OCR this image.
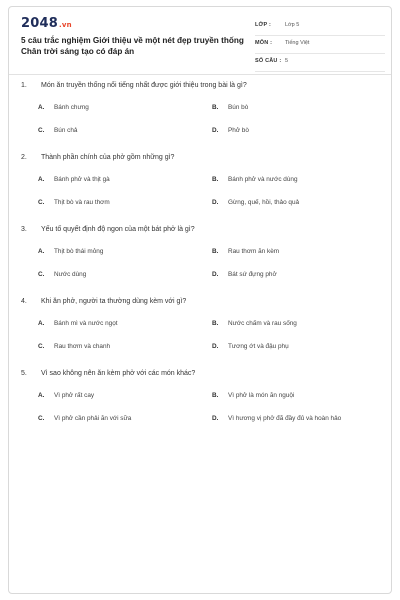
2048.vn
5 câu trắc nghiệm Giới thiệu về một nét đẹp truyền thống Chân trời sáng tạo có đáp án
LỚP :	Lớp 5
MÔN : Tiếng Việt
SỐ CÂU : 5
1. Món ăn truyền thống nổi tiếng nhất được giới thiệu trong bài là gì?
A. Bánh chưng	B. Bún bò
C. Bún chả	D. Phở bò
2. Thành phần chính của phở gồm những gì?
A. Bánh phở và thịt gà	B. Bánh phở và nước dùng
C. Thịt bò và rau thơm	D. Gừng, quế, hồi, thảo quả
3. Yếu tố quyết định độ ngon của một bát phở là gì?
A. Thịt bò thái mỏng	B. Rau thơm ăn kèm
C. Nước dùng	D. Bát sứ đựng phở
4. Khi ăn phở, người ta thường dùng kèm với gì?
A. Bánh mì và nước ngọt	B. Nước chấm và rau sống
C. Rau thơm và chanh	D. Tương ớt và đậu phụ
5. Vì sao không nên ăn kèm phở với các món khác?
A. Vì phở rất cay	B. Vì phở là món ăn nguội
C. Vì phở cần phải ăn với sữa	D. Vì hương vị phở đã đầy đủ và hoàn hảo
